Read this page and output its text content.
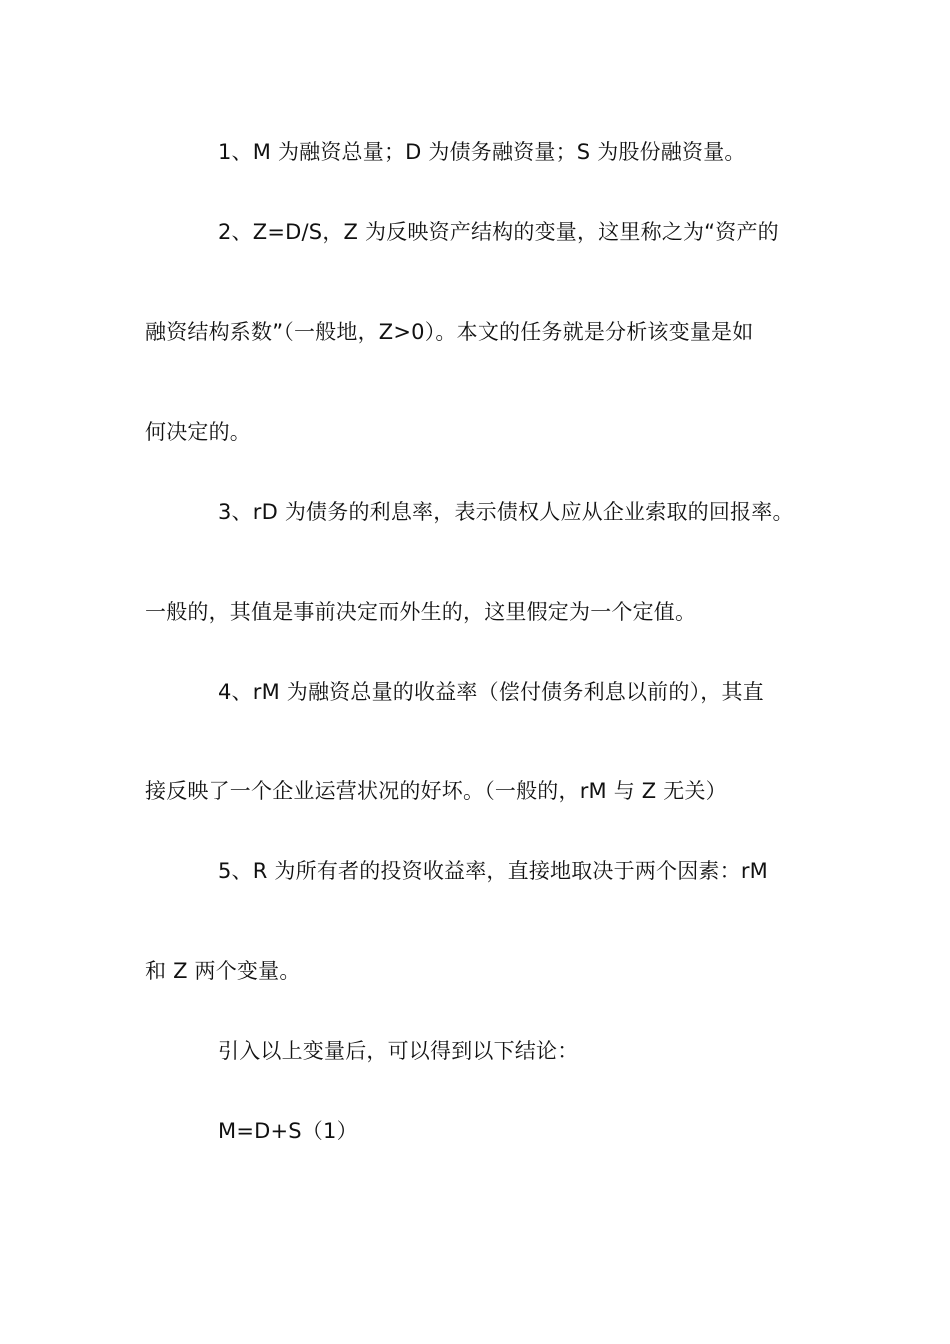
1、M 为融资总量；D 为债务融资量；S 为股份融资量。
2、Z=D/S，Z 为反映资产结构的变量，这里称之为“资产的
融资结构系数”（一般地，Z>0）。本文的任务就是分析该变量是如
何决定的。
3、rD 为债务的利息率，表示债权人应从企业索取的回报率。
一般的，其值是事前决定而外生的，这里假定为一个定值。
4、rM 为融资总量的收益率（偿付债务利息以前的），其直
接反映了一个企业运营状况的好坏。（一般的，rM 与 Z 无关）
5、R 为所有者的投资收益率，直接地取决于两个因素：rM
和 Z 两个变量。
引入以上变量后，可以得到以下结论：
M=D+S（1）
